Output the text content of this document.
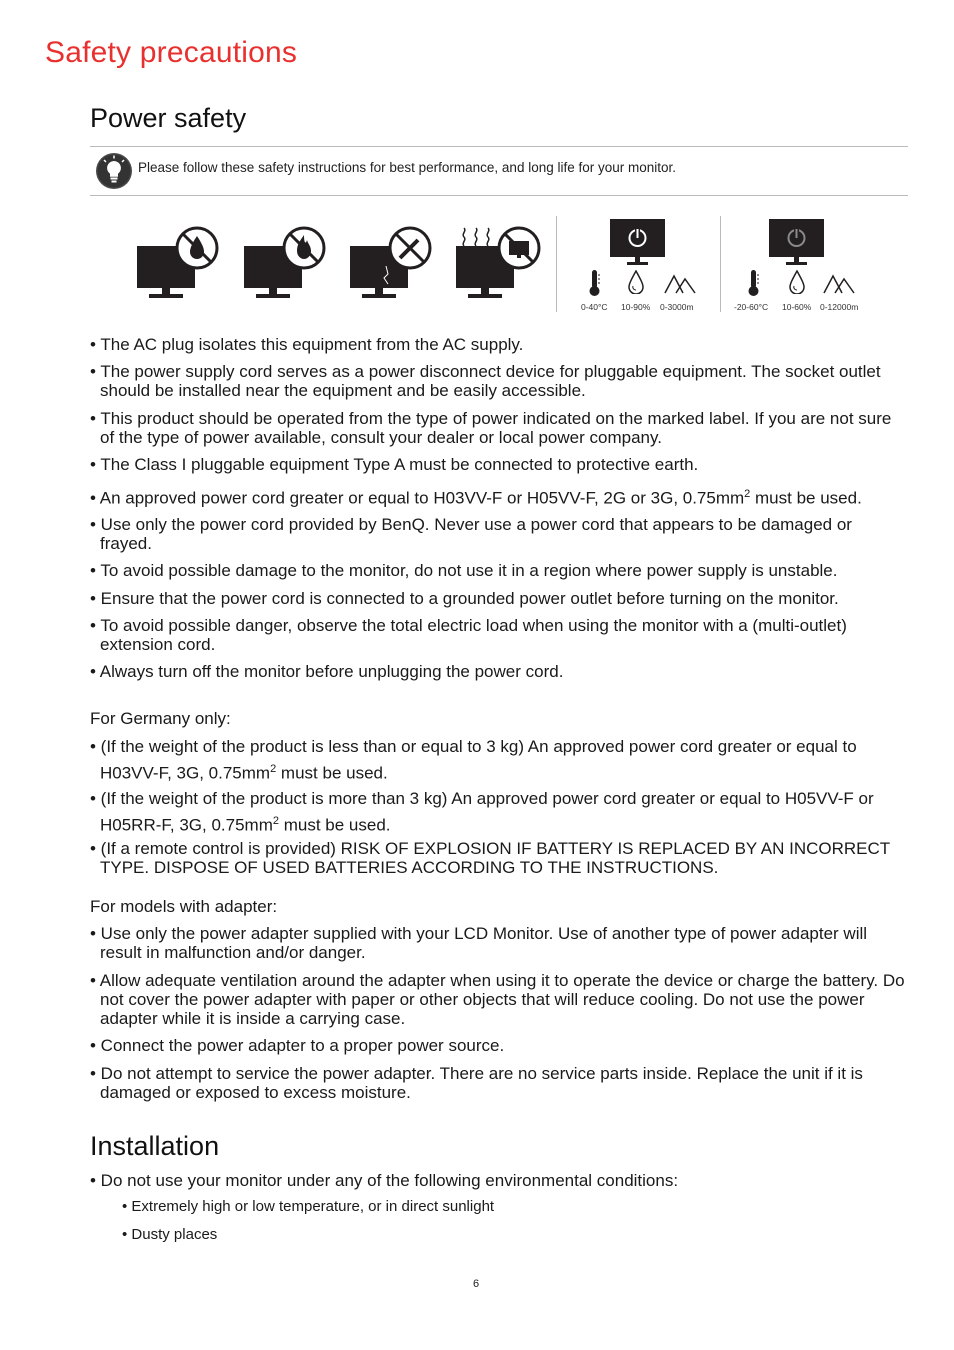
Safety precautions
Power safety
Please follow these safety instructions for best performance, and long life for your monitor.
0-40°C 10-90% 0-3000m	-20-60°C 10-60% 0-12000m
• The AC plug isolates this equipment from the AC supply.
• The power supply cord serves as a power disconnect device for pluggable equipment. The socket outlet should be installed near the equipment and be easily accessible.
• This product should be operated from the type of power indicated on the marked label. If you are not sure of the type of power available, consult your dealer or local power company.
• The Class I pluggable equipment Type A must be connected to protective earth.
• An approved power cord greater or equal to H03VV-F or H05VV-F, 2G or 3G, $0.75mm^2$ must be used.
• Use only the power cord provided by BenQ. Never use a power cord that appears to be damaged or frayed.
• To avoid possible damage to the monitor, do not use it in a region where power supply is unstable.
• Ensure that the power cord is connected to a grounded power outlet before turning on the monitor.
• To avoid possible danger, observe the total electric load when using the monitor with a (multi-outlet) extension cord.
• Always turn off the monitor before unplugging the power cord.
For Germany only:
• (If the weight of the product is less than or equal to 3 kg) An approved power cord greater or equal to H03VV-F, 3G, $0.75mm^2$ must be used.
• (If the weight of the product is more than 3 kg) An approved power cord greater or equal to H05VV-F or H05RR-F, 3G, $0.75mm^2$ must be used.
• (If a remote control is provided) RISK OF EXPLOSION IF BATTERY IS REPLACED BY AN INCORRECT TYPE. DISPOSE OF USED BATTERIES ACCORDING TO THE INSTRUCTIONS.
For models with adapter:
• Use only the power adapter supplied with your LCD Monitor. Use of another type of power adapter will result in malfunction and/or danger.
• Allow adequate ventilation around the adapter when using it to operate the device or charge the battery. Do not cover the power adapter with paper or other objects that will reduce cooling. Do not use the power adapter while it is inside a carrying case.
• Connect the power adapter to a proper power source.
• Do not attempt to service the power adapter. There are no service parts inside. Replace the unit if it is damaged or exposed to excess moisture.
Installation
• Do not use your monitor under any of the following environmental conditions:
• Extremely high or low temperature, or in direct sunlight
• Dusty places
6
